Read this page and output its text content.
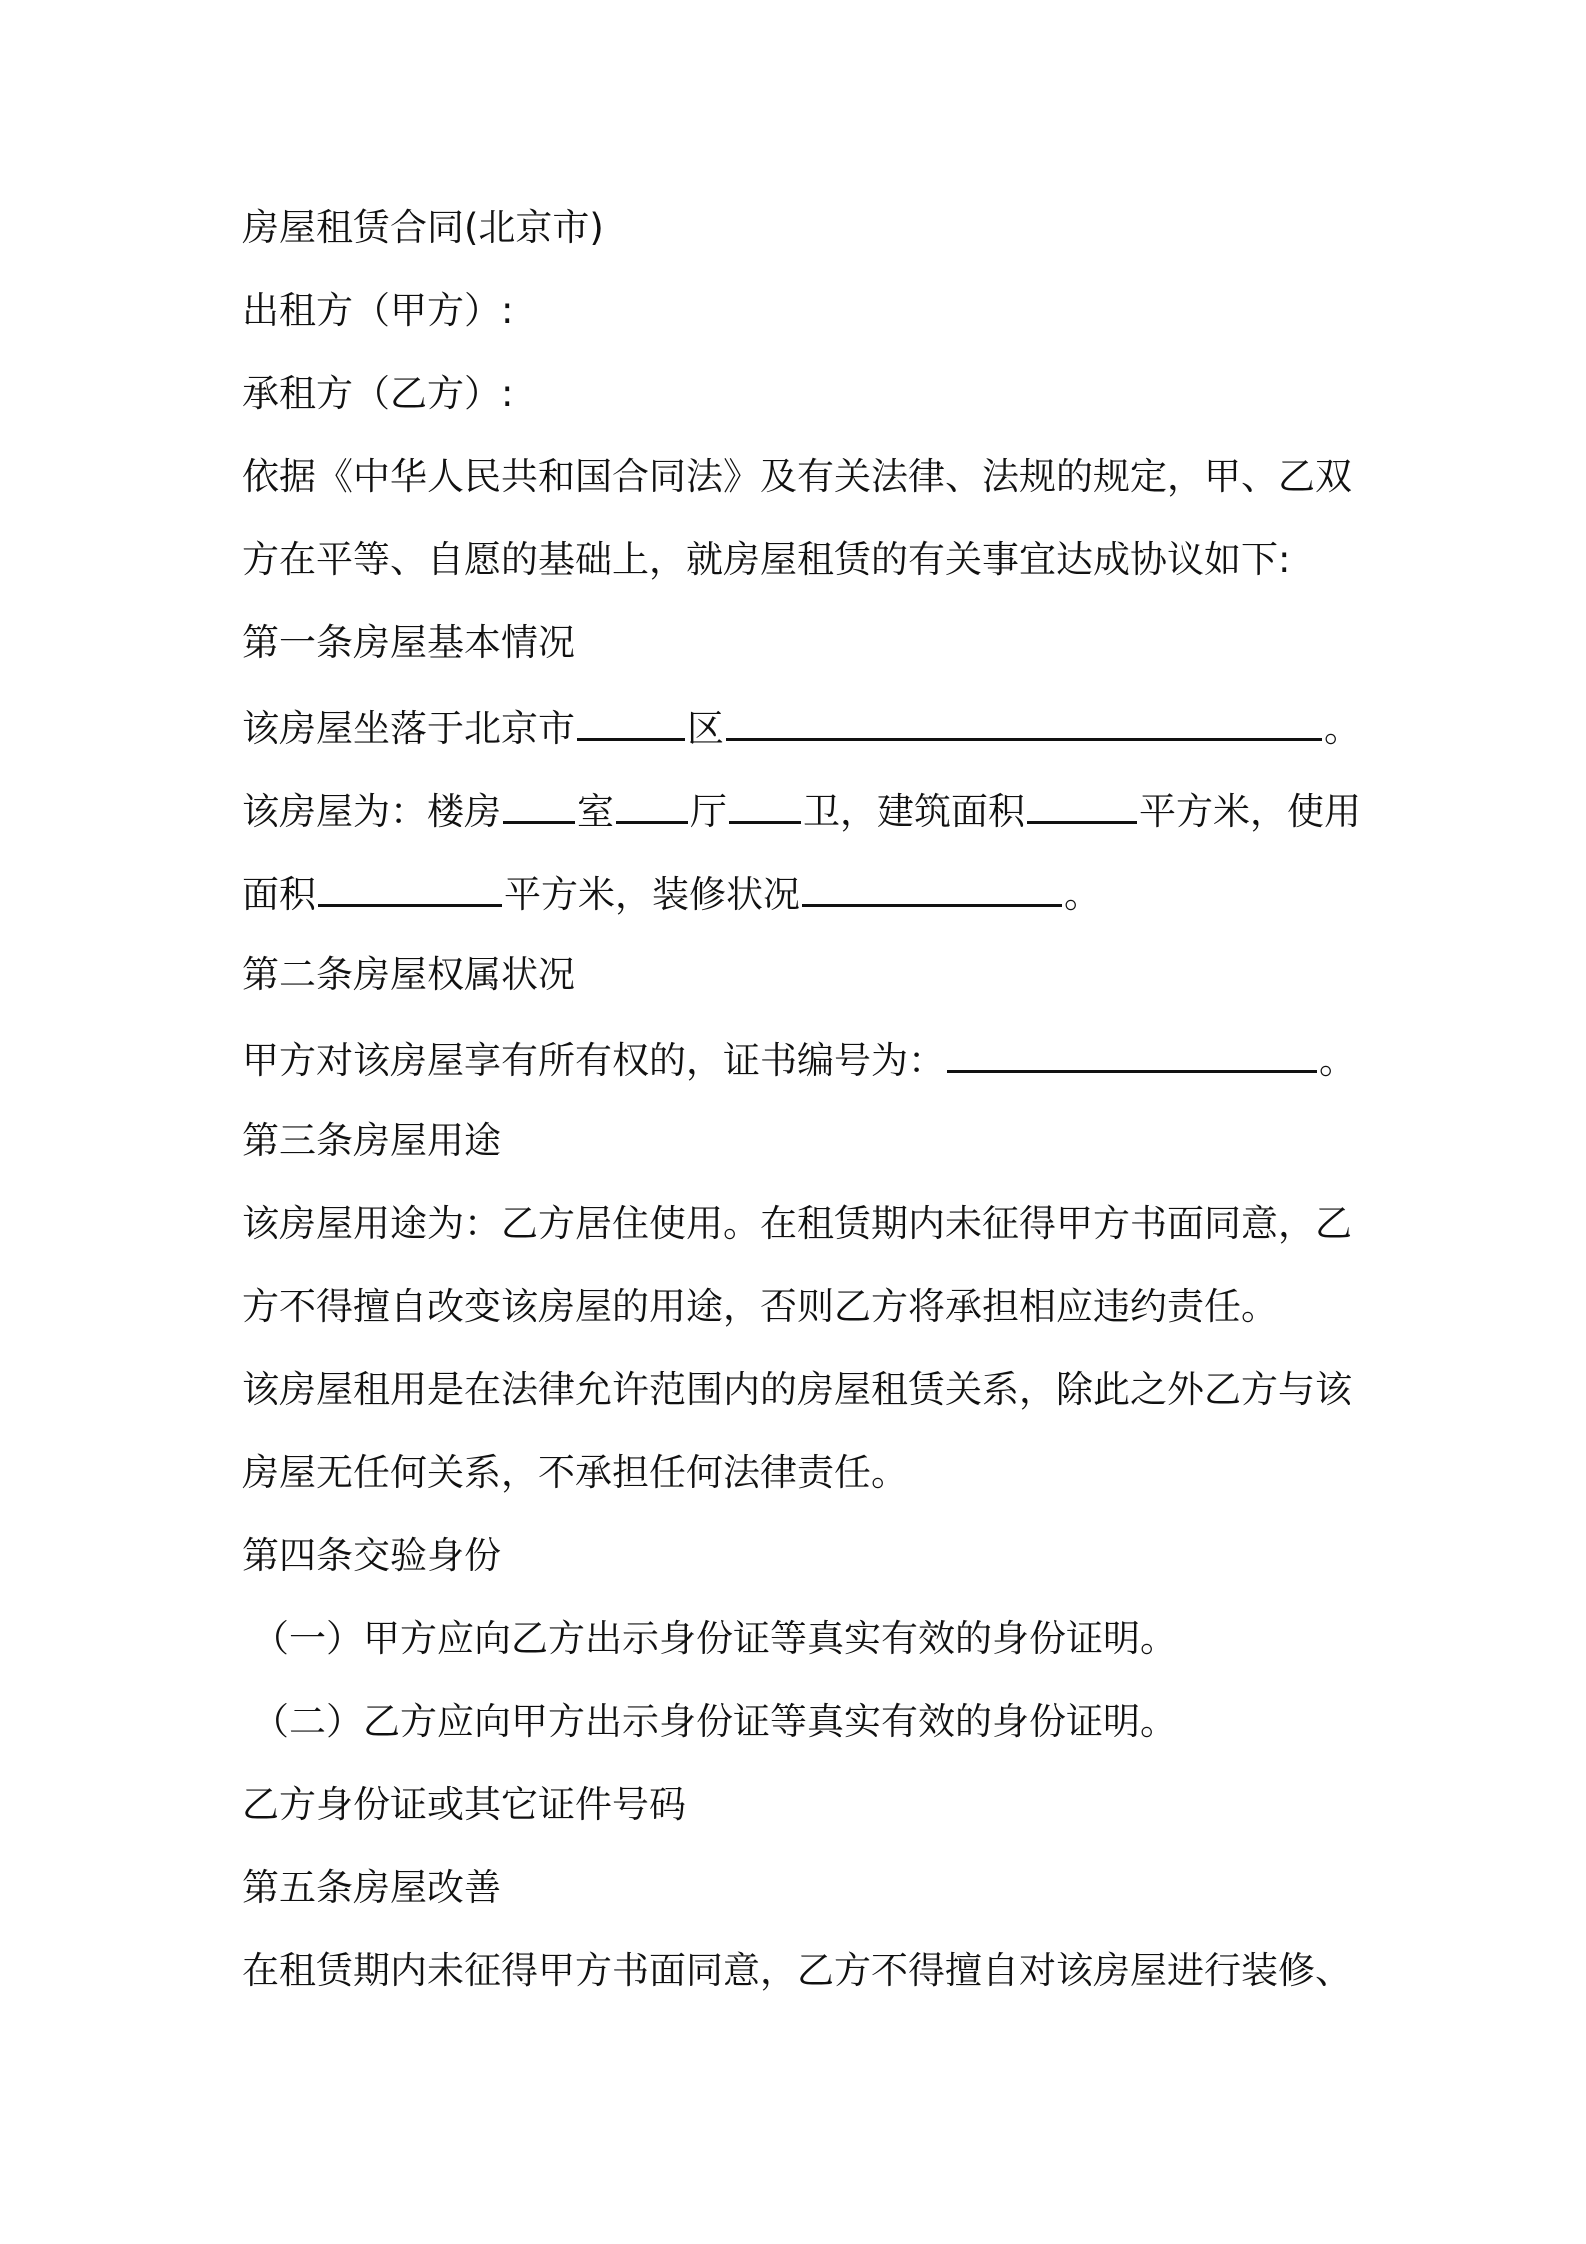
房屋租赁合同(北京市)
出租方（甲方）:
承租方（乙方）:
依据《中华人民共和国合同法》及有关法律、法规的规定，甲、乙双
方在平等、自愿的基础上，就房屋租赁的有关事宜达成协议如下:
第一条房屋基本情况
该房屋坐落于北京市	区	。
该房屋为：楼房 室 厅 卫，建筑面积	平方米，使用
面积	平方米，装修状况	。
第二条房屋权属状况
甲方对该房屋享有所有权的，证书编号为：	。
第三条房屋用途
该房屋用途为：乙方居住使用。在租赁期内未征得甲方书面同意，乙
方不得擅自改变该房屋的用途，否则乙方将承担相应违约责任。
该房屋租用是在法律允许范围内的房屋租赁关系，除此之外乙方与该
房屋无任何关系，不承担任何法律责任。
第四条交验身份
（一）甲方应向乙方出示身份证等真实有效的身份证明。
（二）乙方应向甲方出示身份证等真实有效的身份证明。
乙方身份证或其它证件号码
第五条房屋改善
在租赁期内未征得甲方书面同意，乙方不得擅自对该房屋进行装修、
